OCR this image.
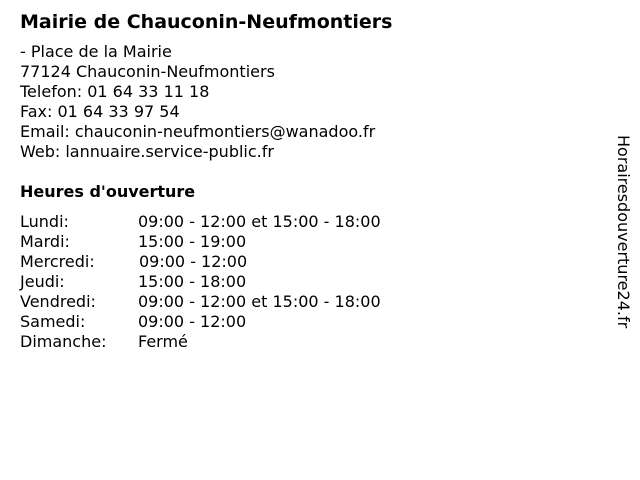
Mairie de Chauconin-Neufmontiers
- Place de la Mairie
77124 Chauconin-Neufmontiers
Telefon: 01 64 33 11 18
Fax: 01 64 33 97 54
Email: chauconin-neufmontiers@wanadoo.fr
Web: lannuaire.service-public.fr
Heures d'ouverture
Lundi:	09:00 - 12:00 et 15:00 - 18:00
Mardi:	15:00 - 19:00
Mercredi:	09:00 - 12:00
Jeudi:	15:00 - 18:00
Vendredi:	09:00 - 12:00 et 15:00 - 18:00
Samedi:	09:00 - 12:00
Dimanche: Fermé
Horairesdouverture24.fr
